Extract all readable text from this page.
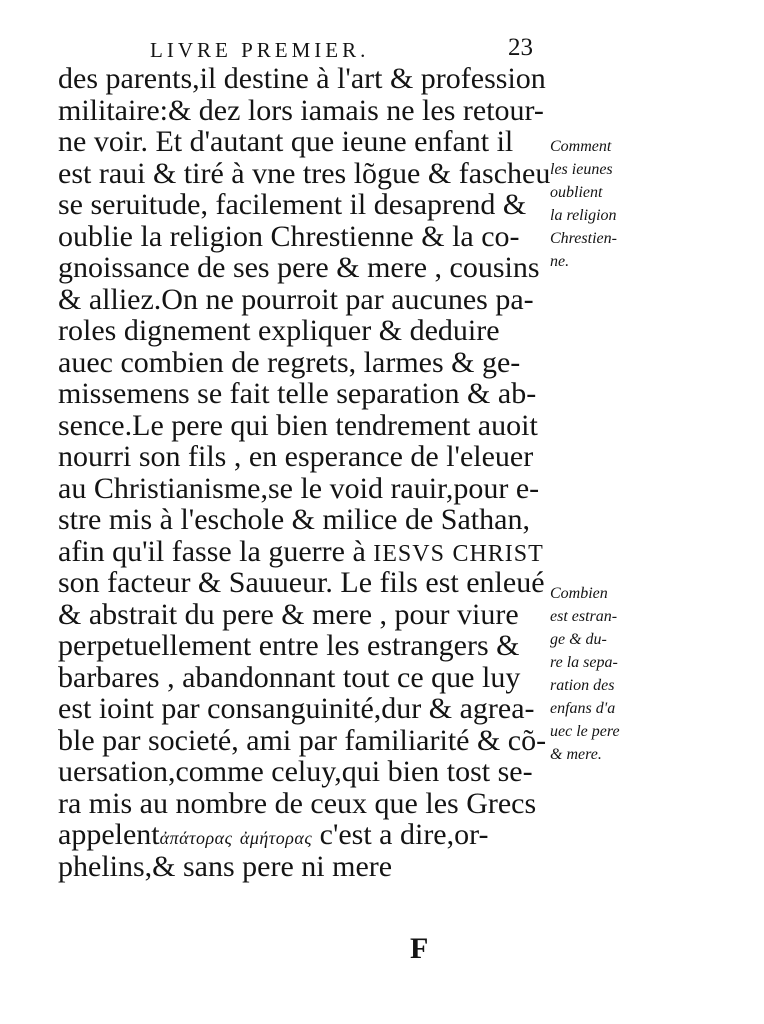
LIVRE PREMIER.	23
des parents,il destine à l'art & profession
militaire:& dez lors iamais ne les retour-
ne voir. Et d'autant que ieune enfant il
est raui & tiré à vne tres lõgue & fascheu
se seruitude, facilement il desaprend &
oublie la religion Chrestienne & la co-
gnoissance de ses pere & mere , cousins
& alliez.On ne pourroit par aucunes pa-
roles dignement expliquer & deduire
auec combien de regrets, larmes & ge-
missemens se fait telle separation & ab-
sence.Le pere qui bien tendrement auoit
nourri son fils , en esperance de l'eleuer
au Christianisme,se le void rauir,pour e-
stre mis à l'eschole & milice de Sathan,
afin qu'il fasse la guerre à IESVS CHRIST
son facteur & Sauueur. Le fils est enleué
& abstrait du pere & mere , pour viure
perpetuellement entre les estrangers &
barbares , abandonnant tout ce que luy
est ioint par consanguinité,dur & agrea-
ble par societé, ami par familiarité & cõ-
uersation,comme celuy,qui bien tost se-
ra mis au nombre de ceux que les Grecs
appelentἀπάτορας ἀμήτορας c'est a dire,or-
phelins,& sans pere ni mere
Comment
les ieunes
oublient
la religion
Chrestien-
ne.
Combien
est estran-
ge & du-
re la sepa-
ration des
enfans d'a
uec le pere
& mere.
F
